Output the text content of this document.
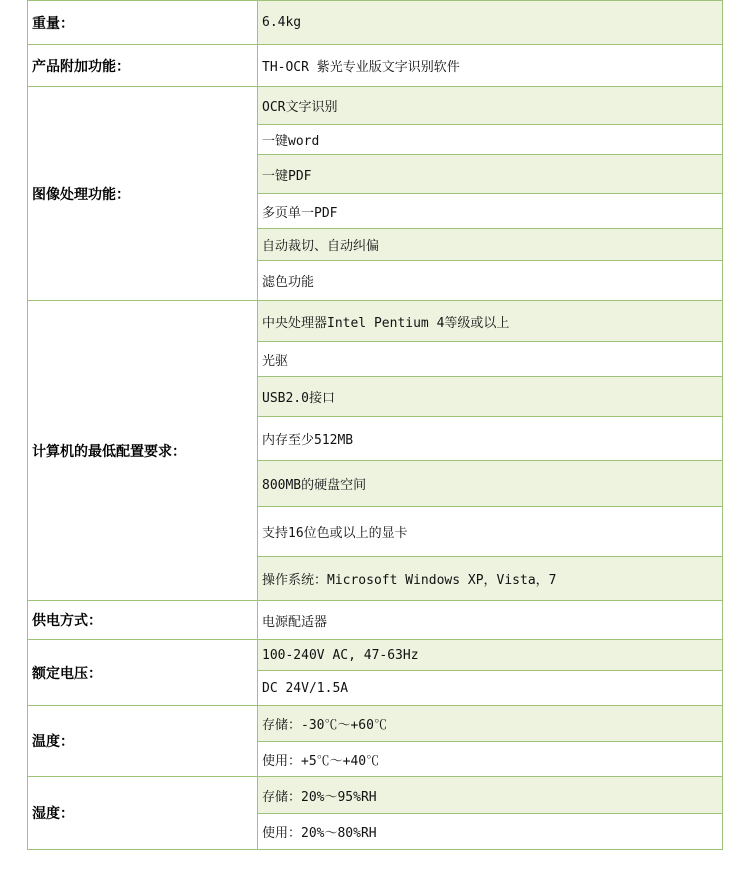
重量：	6.4kg
产品附加功能：	TH-OCR 紫光专业版文字识别软件
图像处理功能：	OCR文字识别
	一键word
	一键PDF
	多页单一PDF
	自动裁切、自动纠偏
	滤色功能
计算机的最低配置要求：	中央处理器Intel Pentium 4等级或以上
	光驱
	USB2.0接口
	内存至少512MB
	800MB的硬盘空间
	支持16位色或以上的显卡
	操作系统：Microsoft Windows XP，Vista，7
供电方式：	电源配适器
额定电压：	100-240V AC, 47-63Hz
	DC 24V/1.5A
温度：	存储：-30℃～+60℃
	使用：+5℃～+40℃
湿度：	存储：20%～95%RH
	使用：20%～80%RH
